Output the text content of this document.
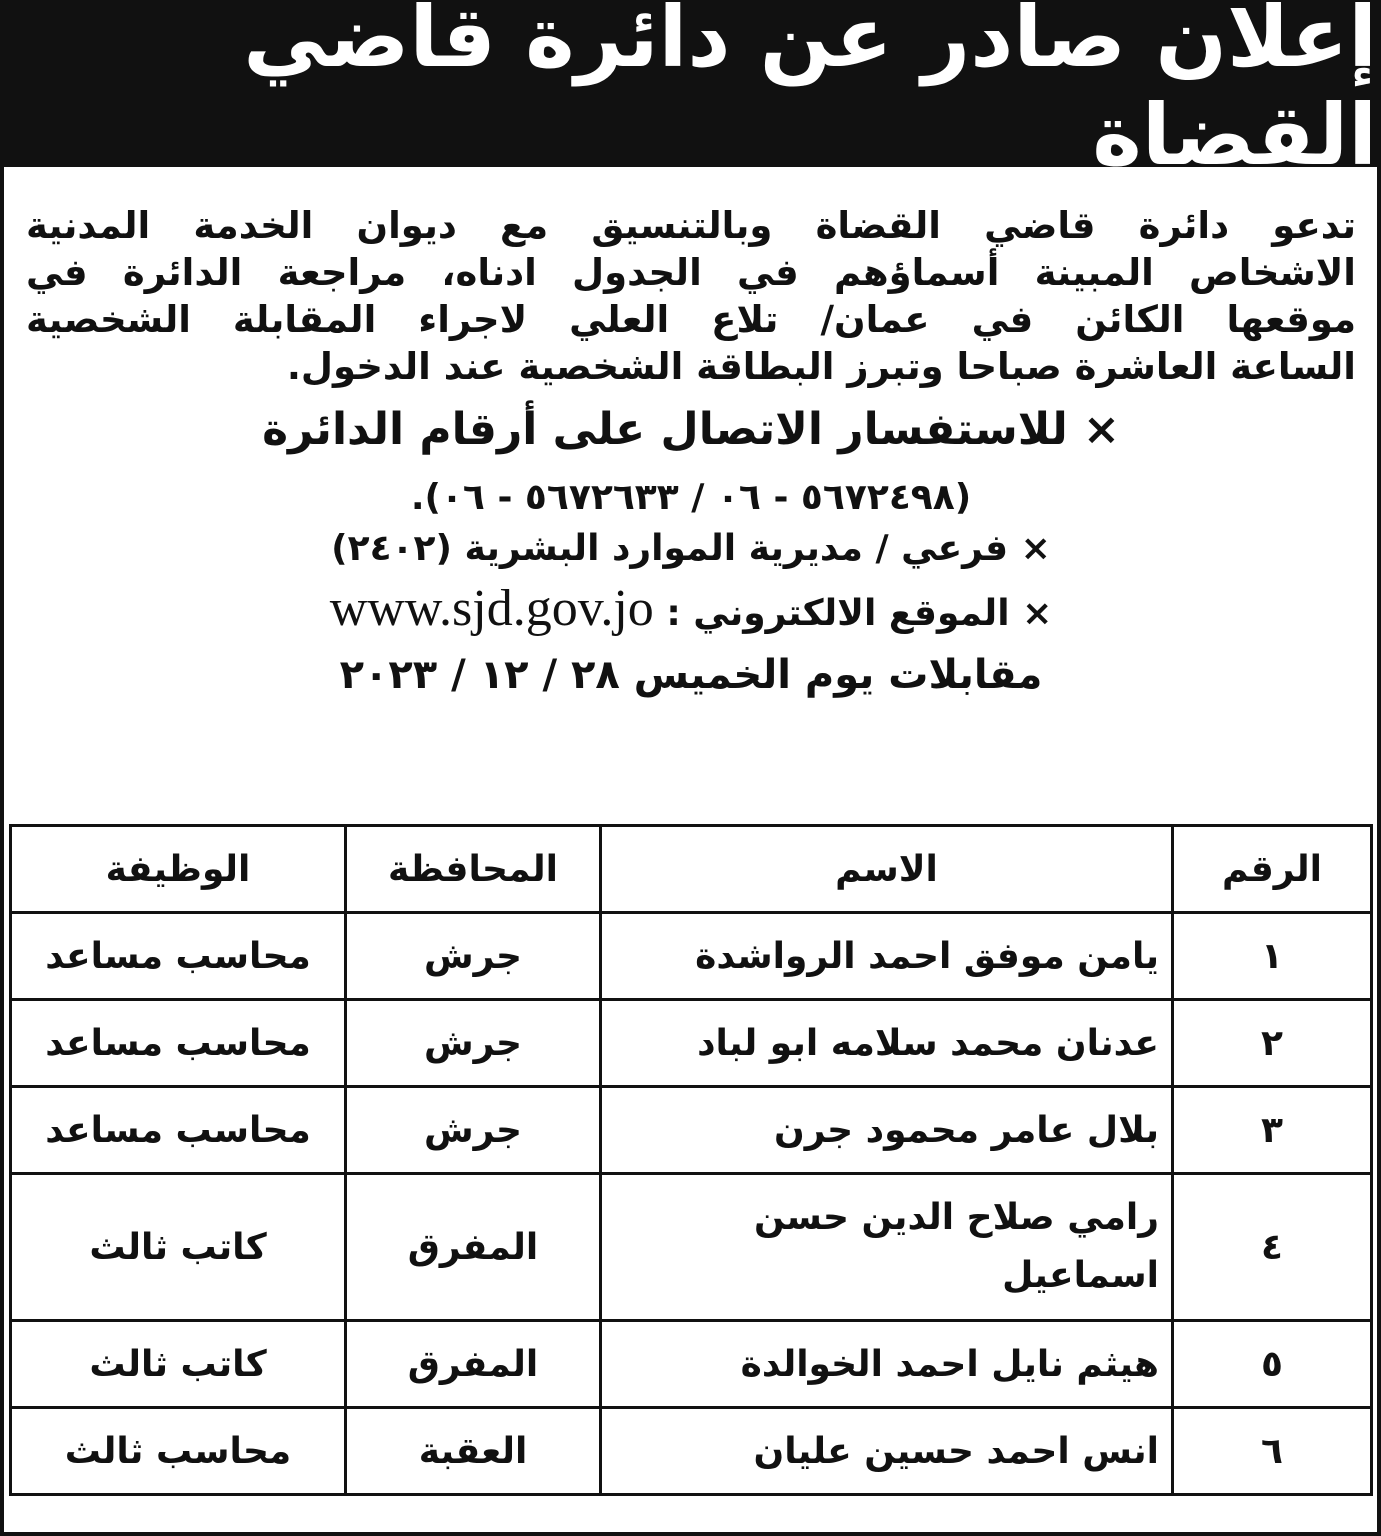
إعلان صادر عن دائرة قاضي القضاة

تدعو دائرة قاضي القضاة وبالتنسيق مع ديوان الخدمة المدنية

الاشخاص المبينة أسماؤهم في الجدول ادناه، مراجعة الدائرة في

موقعها الكائن في عمان/ تلاع العلي لاجراء المقابلة الشخصية

الساعة العاشرة صباحا وتبرز البطاقة الشخصية عند الدخول.

× للاستفسار الاتصال على أرقام الدائرة
(٥٦٧٢٤٩٨ - ٠٦ / ٥٦٧٢٦٣٣ - ٠٦).
× فرعي / مديرية الموارد البشرية (٢٤٠٢)
× الموقع الالكتروني : www.sjd.gov.jo
مقابلات يوم الخميس ٢٨ / ١٢ / ٢٠٢٣
الرقم	الاسم	المحافظة	الوظيفة
١	يامن موفق احمد الرواشدة	جرش	محاسب مساعد
٢	عدنان محمد سلامه ابو لباد	جرش	محاسب مساعد
٣	بلال عامر محمود جرن	جرش	محاسب مساعد
٤	رامي صلاح الدين حسن اسماعيل	المفرق	كاتب ثالث
٥	هيثم نايل احمد الخوالدة	المفرق	كاتب ثالث
٦	انس احمد حسين عليان	العقبة	محاسب ثالث
